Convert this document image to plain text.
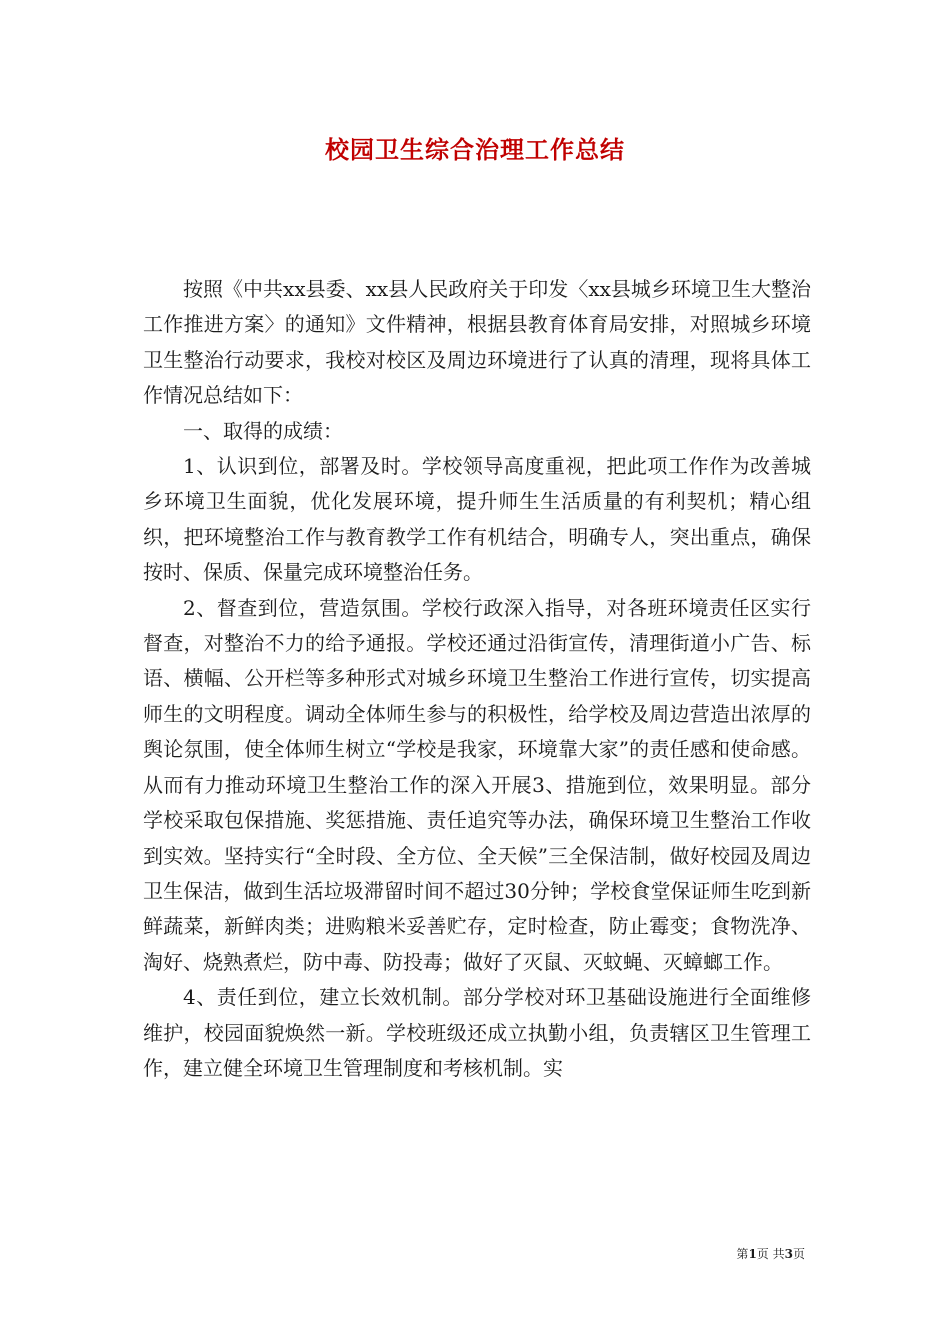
校园卫生综合治理工作总结

按照《中共xx县委、xx县人民政府关于印发〈xx县城乡环境卫生大整治工作推进方案〉的通知》文件精神，根据县教育体育局安排，对照城乡环境卫生整治行动要求，我校对校区及周边环境进行了认真的清理，现将具体工作情况总结如下：

一、取得的成绩：

1、认识到位，部署及时。学校领导高度重视，把此项工作作为改善城乡环境卫生面貌，优化发展环境，提升师生生活质量的有利契机；精心组织，把环境整治工作与教育教学工作有机结合，明确专人，突出重点，确保按时、保质、保量完成环境整治任务。

2、督查到位，营造氛围。学校行政深入指导，对各班环境责任区实行督查，对整治不力的给予通报。学校还通过沿街宣传，清理街道小广告、标语、横幅、公开栏等多种形式对城乡环境卫生整治工作进行宣传，切实提高师生的文明程度。调动全体师生参与的积极性，给学校及周边营造出浓厚的舆论氛围，使全体师生树立“学校是我家，环境靠大家”的责任感和使命感。从而有力推动环境卫生整治工作的深入开展3、措施到位，效果明显。部分学校采取包保措施、奖惩措施、责任追究等办法，确保环境卫生整治工作收到实效。坚持实行“全时段、全方位、全天候”三全保洁制，做好校园及周边卫生保洁，做到生活垃圾滞留时间不超过30分钟；学校食堂保证师生吃到新鲜蔬菜，新鲜肉类；进购粮米妥善贮存，定时检查，防止霉变；食物洗净、淘好、烧熟煮烂，防中毒、防投毒；做好了灭鼠、灭蚊蝇、灭蟑螂工作。

4、责任到位，建立长效机制。部分学校对环卫基础设施进行全面维修维护，校园面貌焕然一新。学校班级还成立执勤小组，负责辖区卫生管理工作，建立健全环境卫生管理制度和考核机制。实

第1页 共3页
